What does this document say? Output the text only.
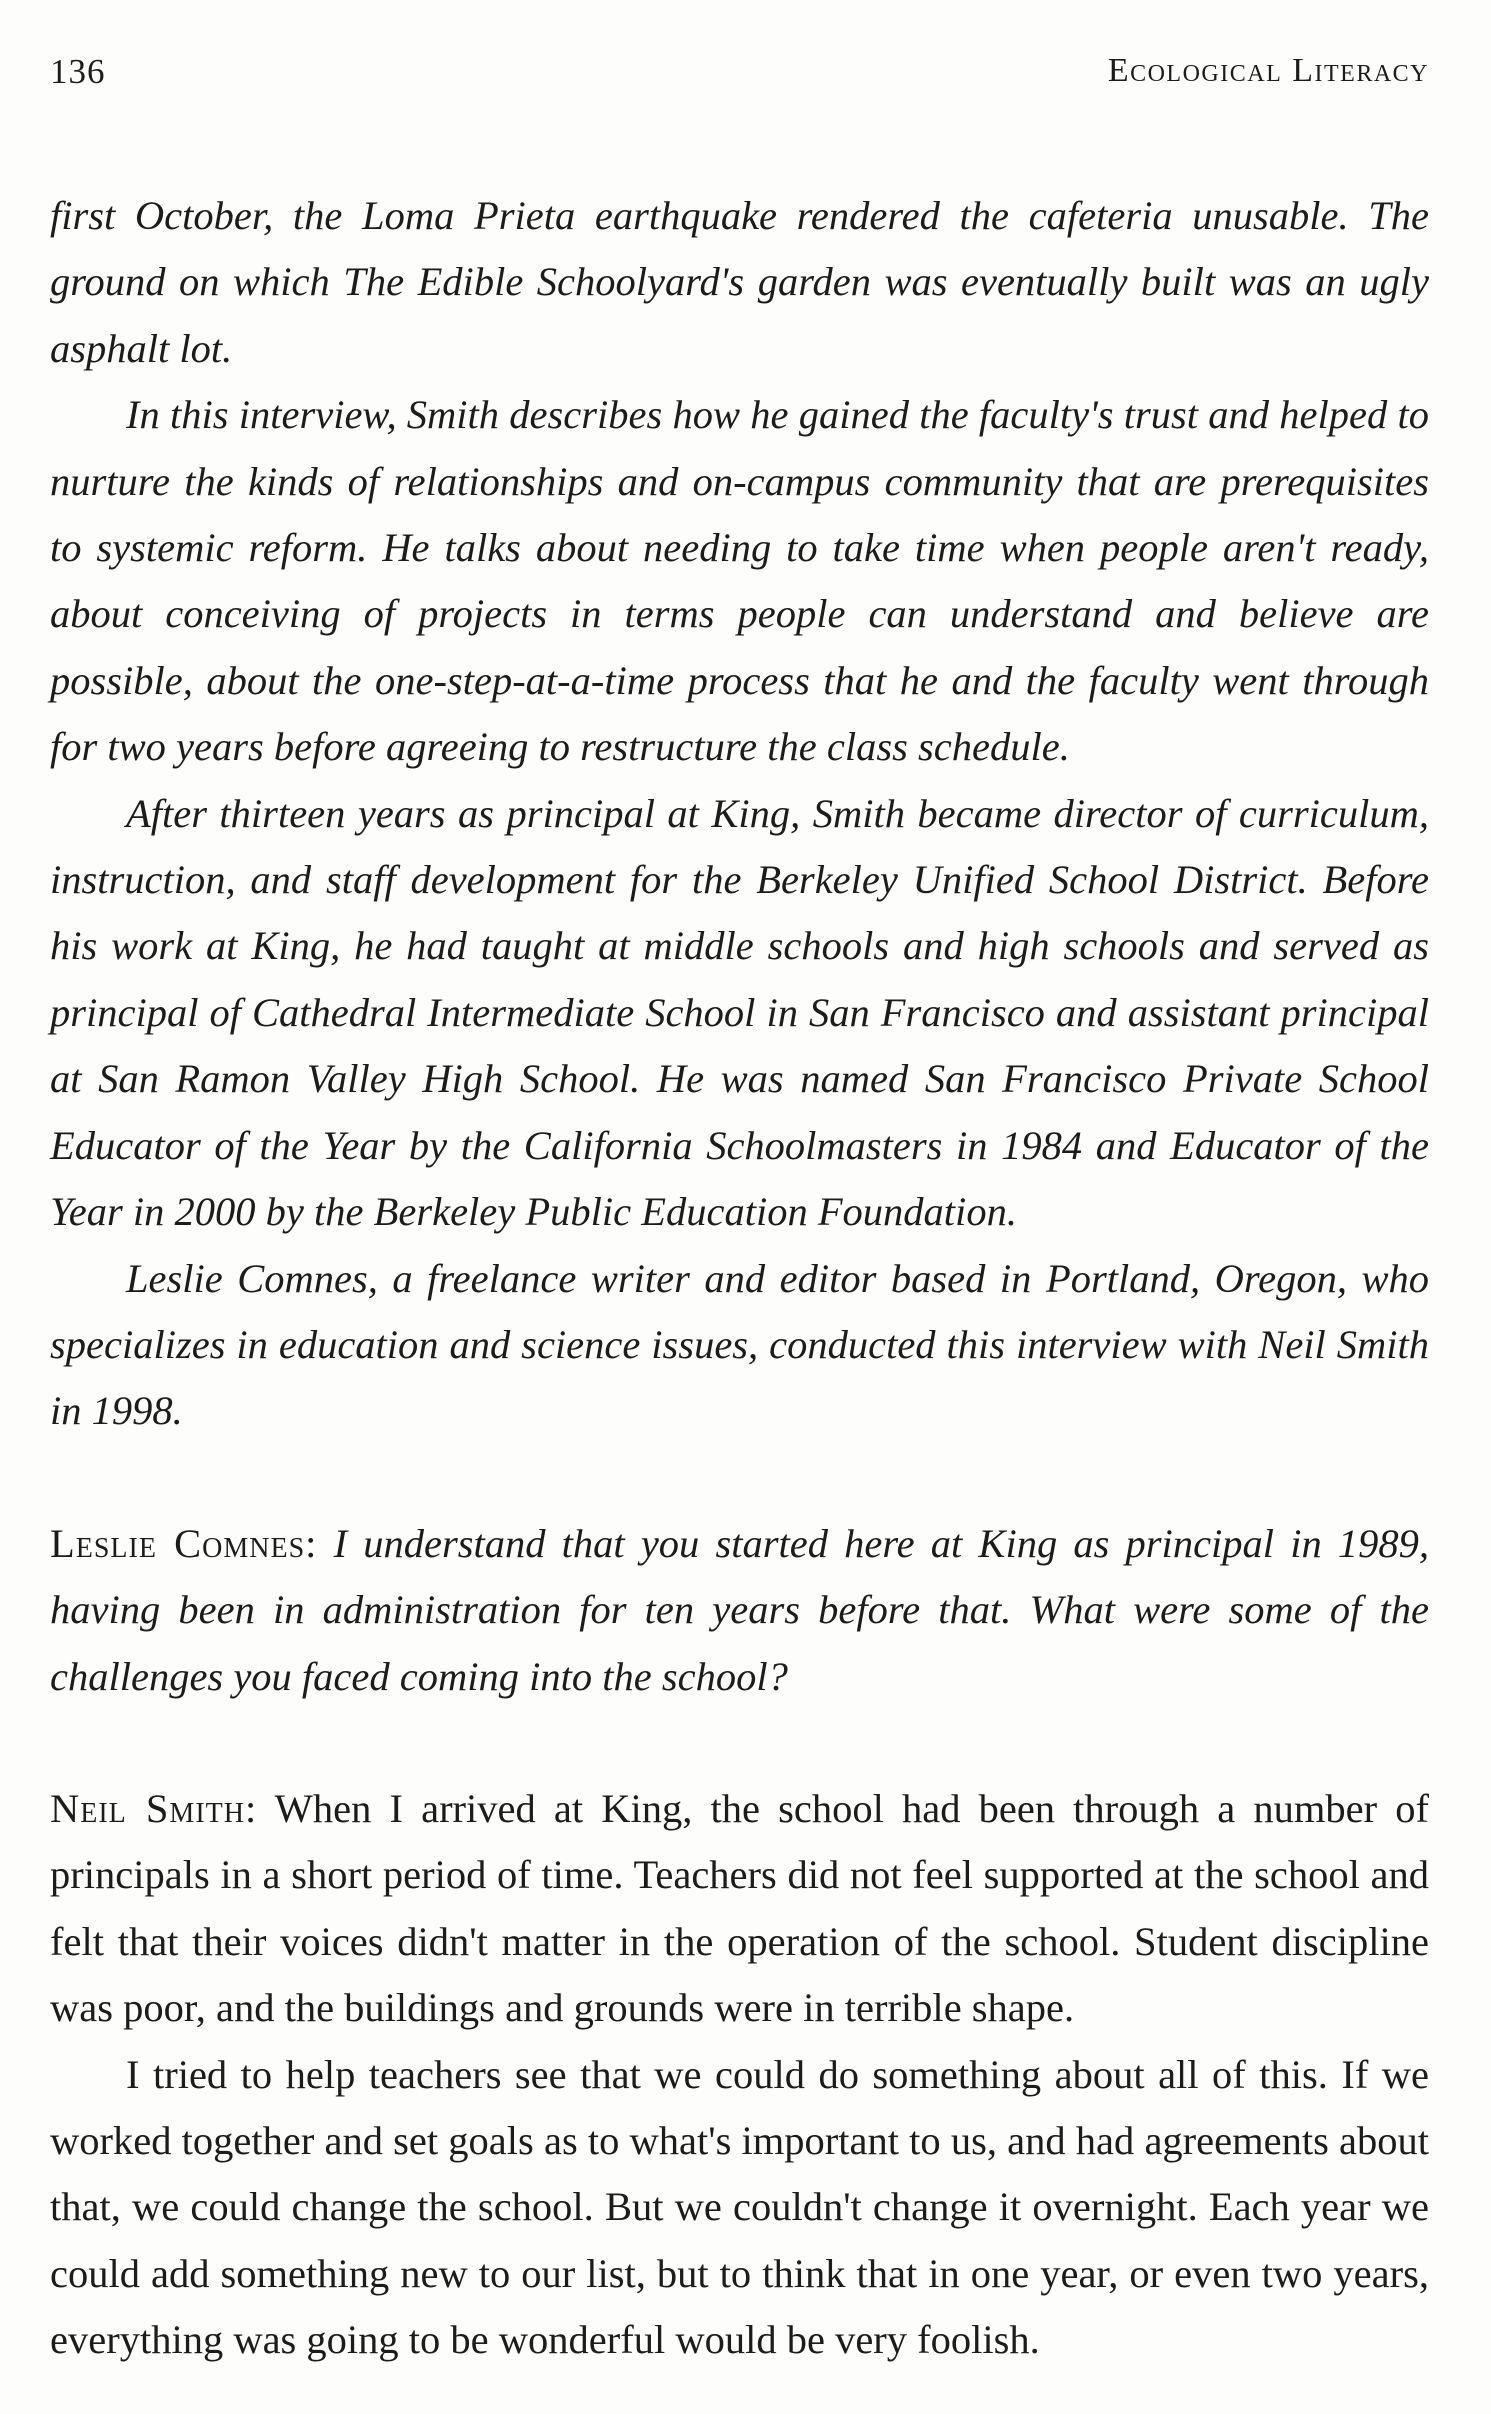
136	Ecological Literacy

first October, the Loma Prieta earthquake rendered the cafeteria unusable. The ground on which The Edible Schoolyard's garden was eventually built was an ugly asphalt lot.

In this interview, Smith describes how he gained the faculty's trust and helped to nurture the kinds of relationships and on-campus community that are prerequisites to systemic reform. He talks about needing to take time when people aren't ready, about conceiving of projects in terms people can understand and believe are possible, about the one-step-at-a-time process that he and the faculty went through for two years before agreeing to restructure the class schedule.

After thirteen years as principal at King, Smith became director of curriculum, instruction, and staff development for the Berkeley Unified School District. Before his work at King, he had taught at middle schools and high schools and served as principal of Cathedral Intermediate School in San Francisco and assistant principal at San Ramon Valley High School. He was named San Francisco Private School Educator of the Year by the California Schoolmasters in 1984 and Educator of the Year in 2000 by the Berkeley Public Education Foundation.

Leslie Comnes, a freelance writer and editor based in Portland, Oregon, who specializes in education and science issues, conducted this interview with Neil Smith in 1998.

Leslie Comnes: I understand that you started here at King as principal in 1989, having been in administration for ten years before that. What were some of the challenges you faced coming into the school?

Neil Smith: When I arrived at King, the school had been through a number of principals in a short period of time. Teachers did not feel supported at the school and felt that their voices didn't matter in the operation of the school. Student discipline was poor, and the buildings and grounds were in terrible shape.

I tried to help teachers see that we could do something about all of this. If we worked together and set goals as to what's important to us, and had agreements about that, we could change the school. But we couldn't change it overnight. Each year we could add something new to our list, but to think that in one year, or even two years, everything was going to be wonderful would be very foolish.
